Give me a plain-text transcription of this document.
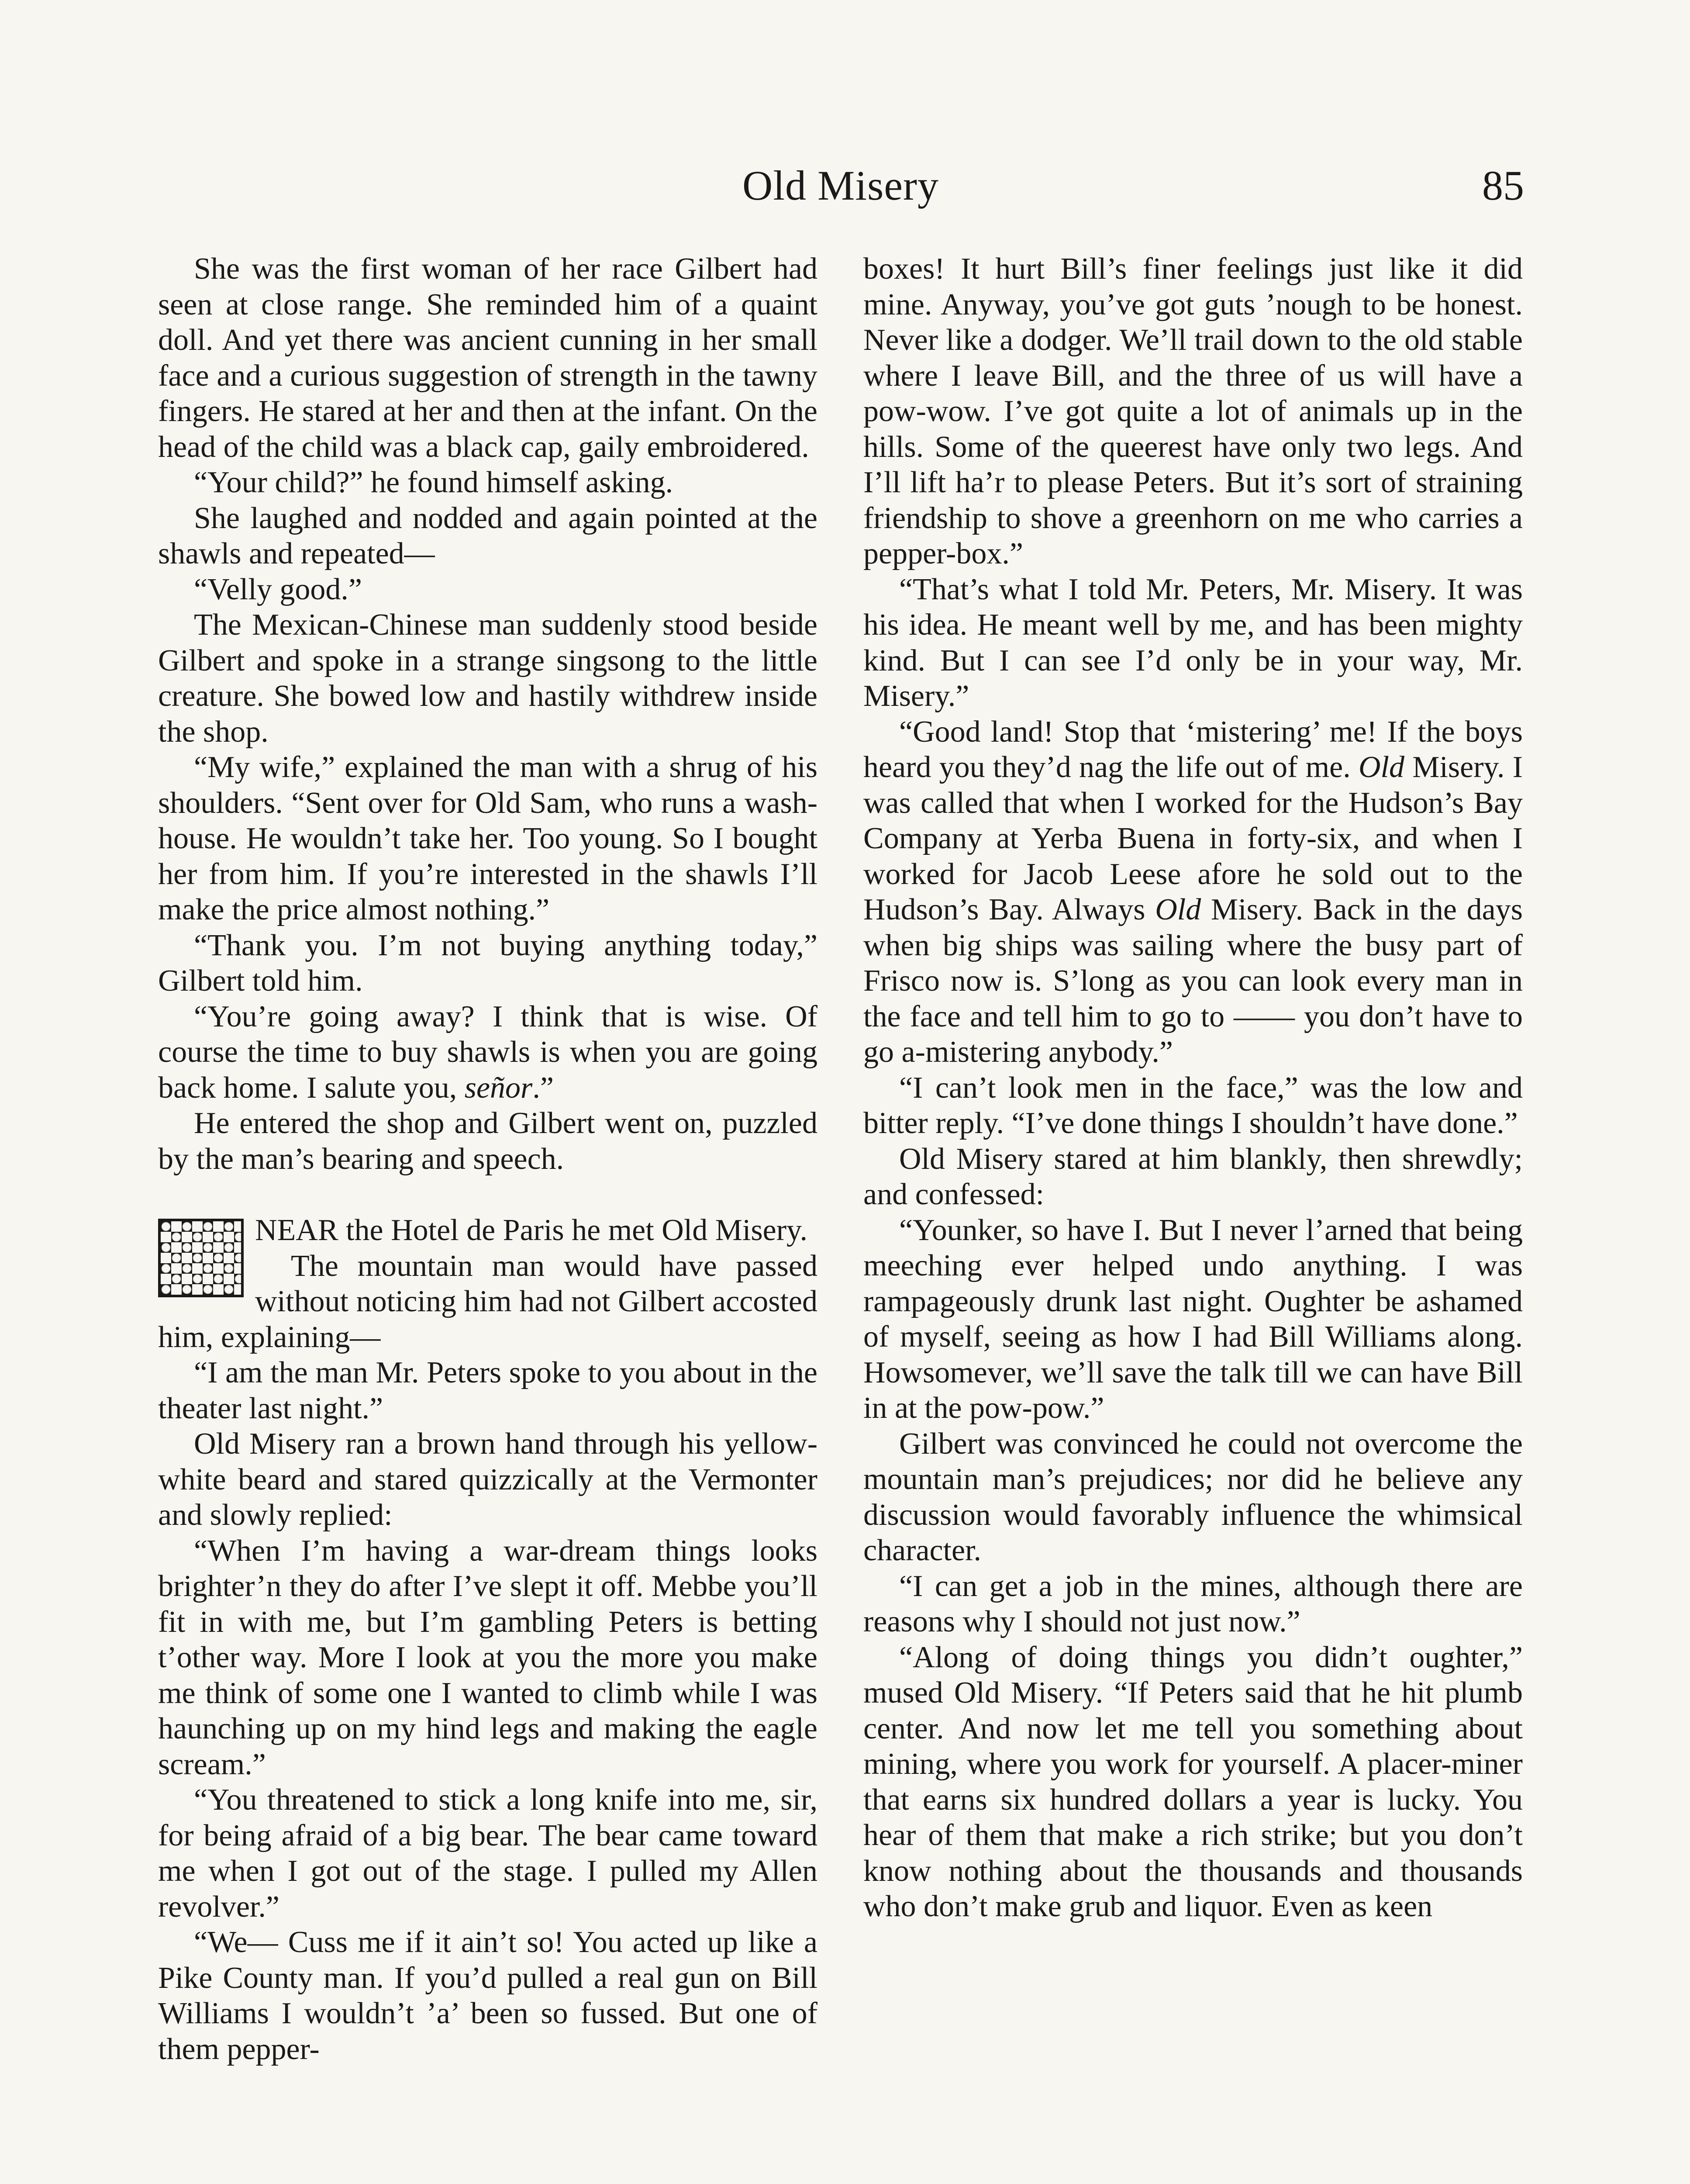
Old Misery	85

She was the first woman of her race Gilbert had seen at close range. She reminded him of a quaint doll. And yet there was ancient cunning in her small face and a curious suggestion of strength in the tawny fingers. He stared at her and then at the infant. On the head of the child was a black cap, gaily embroidered.

“Your child?” he found himself asking.

She laughed and nodded and again pointed at the shawls and repeated—

“Velly good.”

The Mexican-Chinese man suddenly stood beside Gilbert and spoke in a strange singsong to the little creature. She bowed low and hastily withdrew inside the shop.

“My wife,” explained the man with a shrug of his shoulders. “Sent over for Old Sam, who runs a wash-house. He wouldn’t take her. Too young. So I bought her from him. If you’re interested in the shawls I’ll make the price almost nothing.”

“Thank you. I’m not buying anything today,” Gilbert told him.

“You’re going away? I think that is wise. Of course the time to buy shawls is when you are going back home. I salute you, señor.”

He entered the shop and Gilbert went on, puzzled by the man’s bearing and speech.

NEAR the Hotel de Paris he met Old Misery.

The mountain man would have passed without noticing him had not Gilbert accosted him, explaining—

“I am the man Mr. Peters spoke to you about in the theater last night.”

Old Misery ran a brown hand through his yellow-white beard and stared quizzically at the Vermonter and slowly replied:

“When I’m having a war-dream things looks brighter’n they do after I’ve slept it off. Mebbe you’ll fit in with me, but I’m gambling Peters is betting t’other way. More I look at you the more you make me think of some one I wanted to climb while I was haunching up on my hind legs and making the eagle scream.”

“You threatened to stick a long knife into me, sir, for being afraid of a big bear. The bear came toward me when I got out of the stage. I pulled my Allen revolver.”

“We— Cuss me if it ain’t so! You acted up like a Pike County man. If you’d pulled a real gun on Bill Williams I wouldn’t ’a’ been so fussed. But one of them pepper-

boxes! It hurt Bill’s finer feelings just like it did mine. Anyway, you’ve got guts ’nough to be honest. Never like a dodger. We’ll trail down to the old stable where I leave Bill, and the three of us will have a pow-wow. I’ve got quite a lot of animals up in the hills. Some of the queerest have only two legs. And I’ll lift ha’r to please Peters. But it’s sort of straining friendship to shove a greenhorn on me who carries a pepper-box.”

“That’s what I told Mr. Peters, Mr. Misery. It was his idea. He meant well by me, and has been mighty kind. But I can see I’d only be in your way, Mr. Misery.”

“Good land! Stop that ‘mistering’ me! If the boys heard you they’d nag the life out of me. Old Misery. I was called that when I worked for the Hudson’s Bay Company at Yerba Buena in forty-six, and when I worked for Jacob Leese afore he sold out to the Hudson’s Bay. Always Old Misery. Back in the days when big ships was sailing where the busy part of Frisco now is. S’long as you can look every man in the face and tell him to go to —— you don’t have to go a-mistering anybody.”

“I can’t look men in the face,” was the low and bitter reply. “I’ve done things I shouldn’t have done.”

Old Misery stared at him blankly, then shrewdly; and confessed:

“Younker, so have I. But I never l’arned that being meeching ever helped undo anything. I was rampageously drunk last night. Oughter be ashamed of myself, seeing as how I had Bill Williams along. Howsomever, we’ll save the talk till we can have Bill in at the pow-pow.”

Gilbert was convinced he could not overcome the mountain man’s prejudices; nor did he believe any discussion would favorably influence the whimsical character.

“I can get a job in the mines, although there are reasons why I should not just now.”

“Along of doing things you didn’t oughter,” mused Old Misery. “If Peters said that he hit plumb center. And now let me tell you something about mining, where you work for yourself. A placer-miner that earns six hundred dollars a year is lucky. You hear of them that make a rich strike; but you don’t know nothing about the thousands and thousands who don’t make grub and liquor. Even as keen
